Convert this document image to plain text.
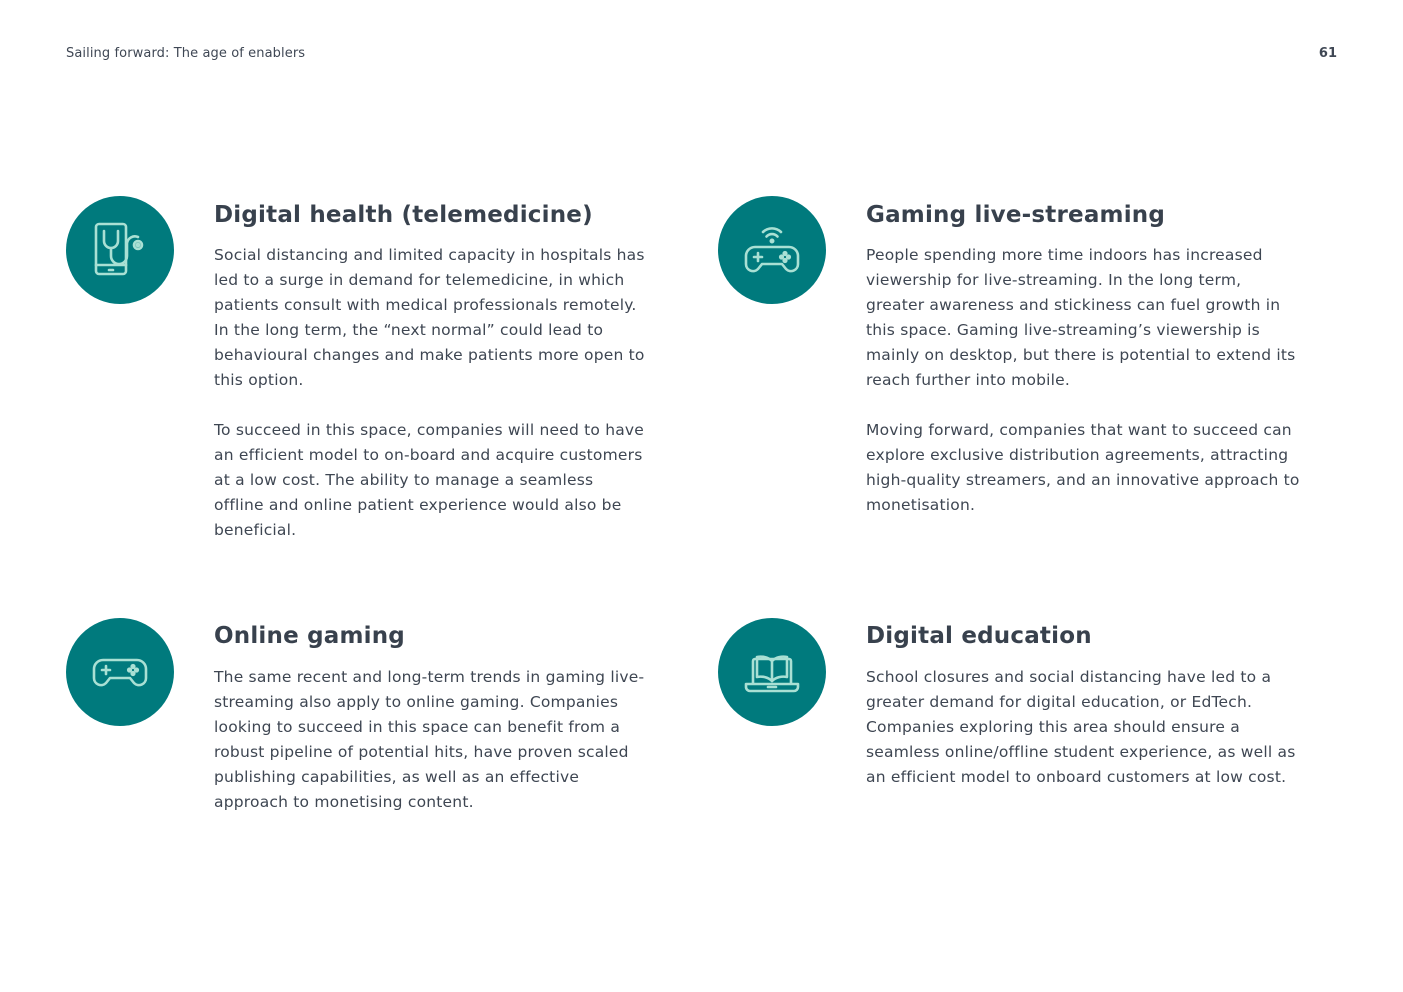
Sailing forward: The age of enablers	61
Digital health (telemedicine)

Social distancing and limited capacity in hospitals has led to a surge in demand for telemedicine, in which patients consult with medical professionals remotely. In the long term, the “next normal” could lead to behavioural changes and make patients more open to this option.

To succeed in this space, companies will need to have an efficient model to on-board and acquire customers at a low cost. The ability to manage a seamless offline and online patient experience would also be beneficial.

Gaming live-streaming

People spending more time indoors has increased viewership for live-streaming. In the long term, greater awareness and stickiness can fuel growth in this space. Gaming live-streaming’s viewership is mainly on desktop, but there is potential to extend its reach further into mobile.

Moving forward, companies that want to succeed can explore exclusive distribution agreements, attracting high-quality streamers, and an innovative approach to monetisation.

Online gaming

The same recent and long-term trends in gaming live-streaming also apply to online gaming. Companies looking to succeed in this space can benefit from a robust pipeline of potential hits, have proven scaled publishing capabilities, as well as an effective approach to monetising content.

Digital education

School closures and social distancing have led to a greater demand for digital education, or EdTech. Companies exploring this area should ensure a seamless online/offline student experience, as well as an efficient model to onboard customers at low cost.
